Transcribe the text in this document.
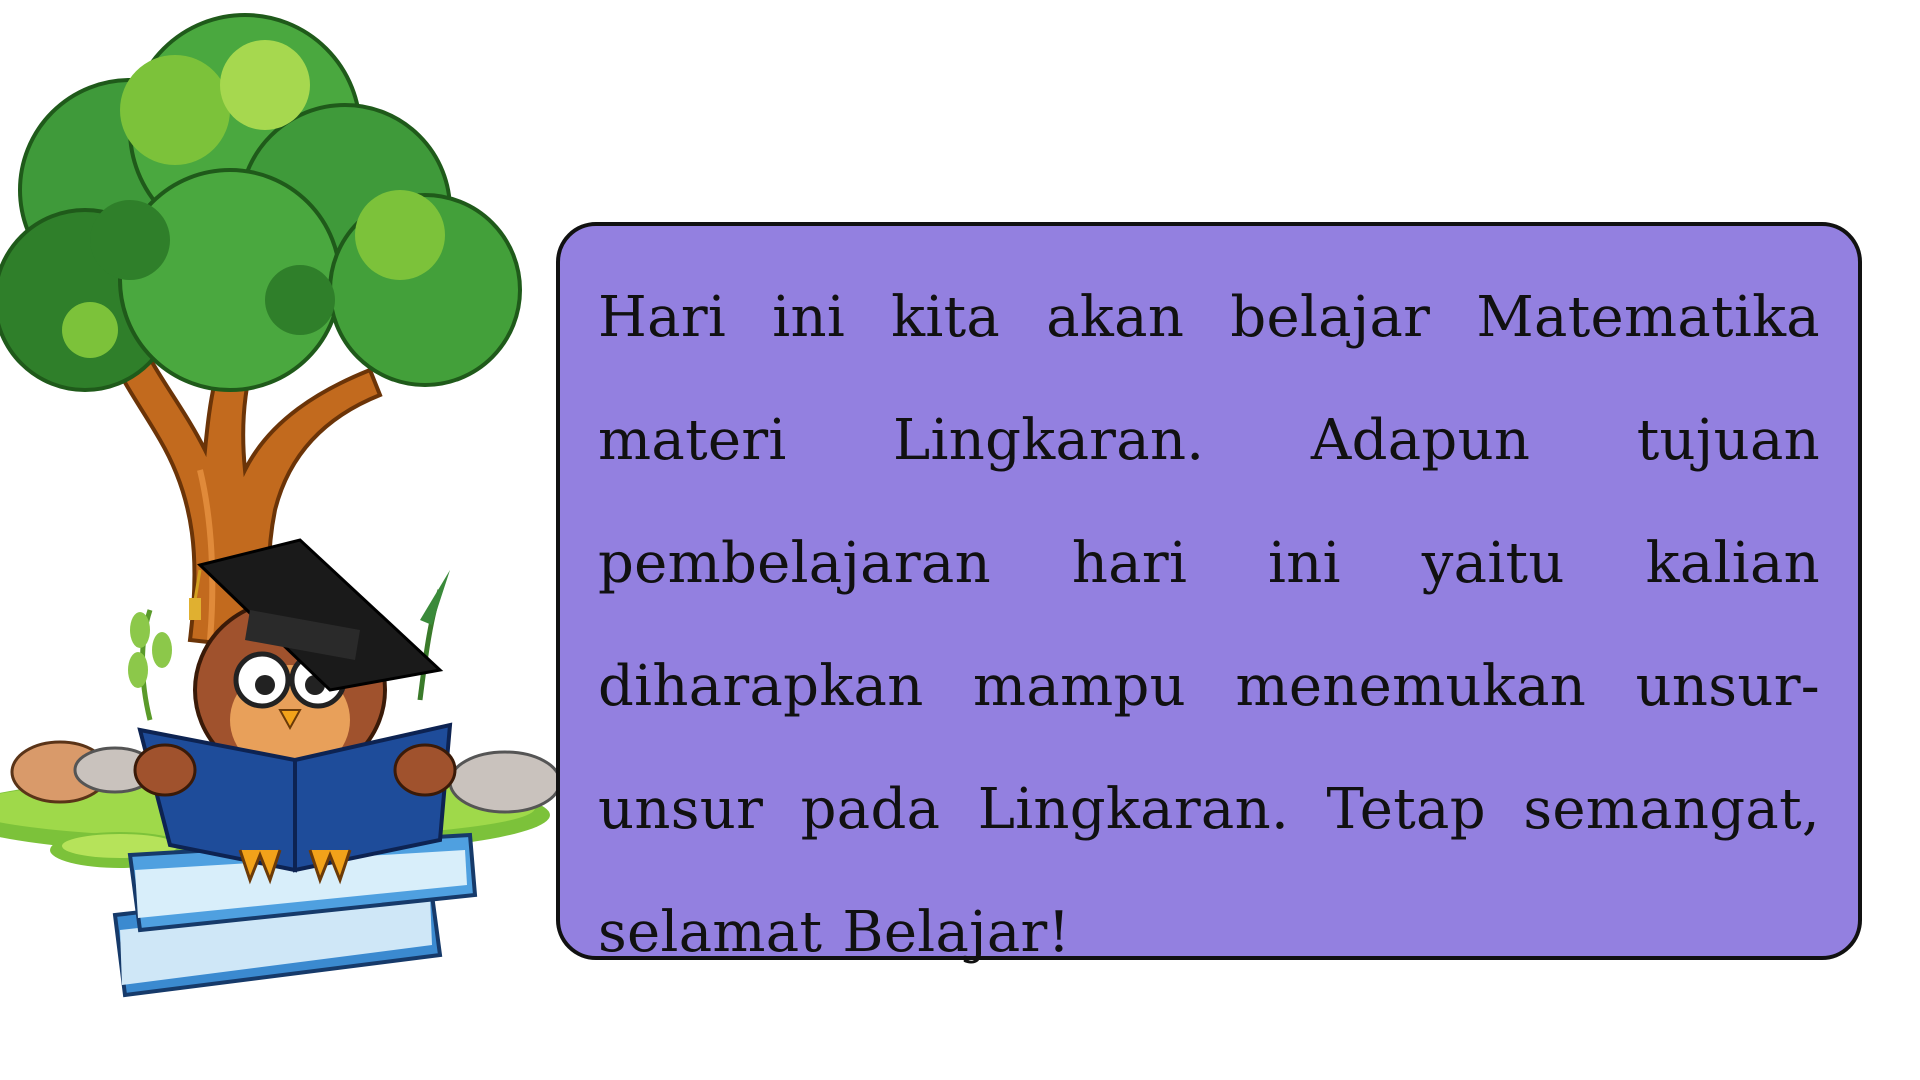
Hari ini kita akan belajar Matematika materi Lingkaran. Adapun tujuan pembelajaran hari ini yaitu kalian diharapkan mampu menemukan unsur-unsur pada Lingkaran. Tetap semangat, selamat Belajar!
